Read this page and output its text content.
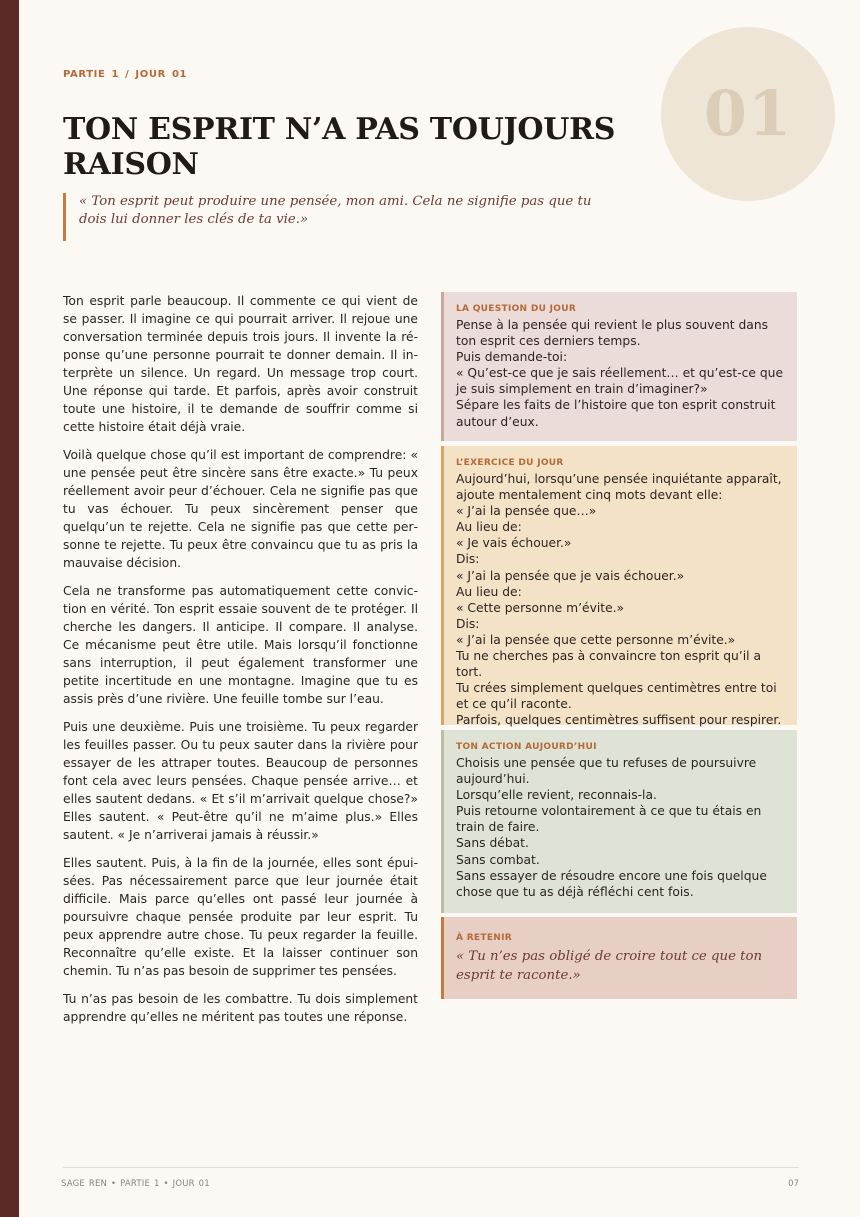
01
PARTIE 1 / JOUR 01
TON ESPRIT N’A PAS TOUJOURS RAISON
« Ton esprit peut produire une pensée, mon ami. Cela ne signifie pas que tu dois lui donner les clés de ta vie.»

Ton esprit parle beaucoup. Il commente ce qui vient de se passer. Il imagine ce qui pourrait arriver. Il rejoue une conversation terminée depuis trois jours. Il invente la réponse qu’une personne pourrait te donner demain. Il interprète un silence. Un regard. Un message trop court. Une réponse qui tarde. Et parfois, après avoir construit toute une histoire, il te demande de souffrir comme si cette histoire était déjà vraie.

Voilà quelque chose qu’il est important de comprendre: « une pensée peut être sincère sans être exacte.» Tu peux réellement avoir peur d’échouer. Cela ne signifie pas que tu vas échouer. Tu peux sincèrement penser que quelqu’un te rejette. Cela ne signifie pas que cette personne te rejette. Tu peux être convaincu que tu as pris la mauvaise décision.

Cela ne transforme pas automatiquement cette conviction en vérité. Ton esprit essaie souvent de te protéger. Il cherche les dangers. Il anticipe. Il compare. Il analyse. Ce mécanisme peut être utile. Mais lorsqu’il fonctionne sans interruption, il peut également transformer une petite incertitude en une montagne. Imagine que tu es assis près d’une rivière. Une feuille tombe sur l’eau.

Puis une deuxième. Puis une troisième. Tu peux regarder les feuilles passer. Ou tu peux sauter dans la rivière pour essayer de les attraper toutes. Beaucoup de personnes font cela avec leurs pensées. Chaque pensée arrive… et elles sautent dedans. « Et s’il m’arrivait quelque chose?» Elles sautent. « Peut-être qu’il ne m’aime plus.» Elles sautent. « Je n’arriverai jamais à réussir.»

Elles sautent. Puis, à la fin de la journée, elles sont épuisées. Pas nécessairement parce que leur journée était difficile. Mais parce qu’elles ont passé leur journée à poursuivre chaque pensée produite par leur esprit. Tu peux apprendre autre chose. Tu peux regarder la feuille. Reconnaître qu’elle existe. Et la laisser continuer son chemin. Tu n’as pas besoin de supprimer tes pensées.

Tu n’as pas besoin de les combattre. Tu dois simplement apprendre qu’elles ne méritent pas toutes une réponse.

LA QUESTION DU JOUR
Pense à la pensée qui revient le plus souvent dans ton esprit ces derniers temps.
Puis demande-toi:
« Qu’est-ce que je sais réellement… et qu’est-ce que je suis simplement en train d’imaginer?»
Sépare les faits de l’histoire que ton esprit construit autour d’eux.
L’EXERCICE DU JOUR
Aujourd’hui, lorsqu’une pensée inquiétante apparaît, ajoute mentalement cinq mots devant elle:
« J’ai la pensée que…»
Au lieu de:
« Je vais échouer.»
Dis:
« J’ai la pensée que je vais échouer.»
Au lieu de:
« Cette personne m’évite.»
Dis:
« J’ai la pensée que cette personne m’évite.»
Tu ne cherches pas à convaincre ton esprit qu’il a tort.
Tu crées simplement quelques centimètres entre toi et ce qu’il raconte.
Parfois, quelques centimètres suffisent pour respirer.
TON ACTION AUJOURD’HUI
Choisis une pensée que tu refuses de poursuivre aujourd’hui.
Lorsqu’elle revient, reconnais-la.
Puis retourne volontairement à ce que tu étais en train de faire.
Sans débat.
Sans combat.
Sans essayer de résoudre encore une fois quelque chose que tu as déjà réfléchi cent fois.
À RETENIR
« Tu n’es pas obligé de croire tout ce que ton esprit te raconte.»
SAGE REN • PARTIE 1 • JOUR 01	07
